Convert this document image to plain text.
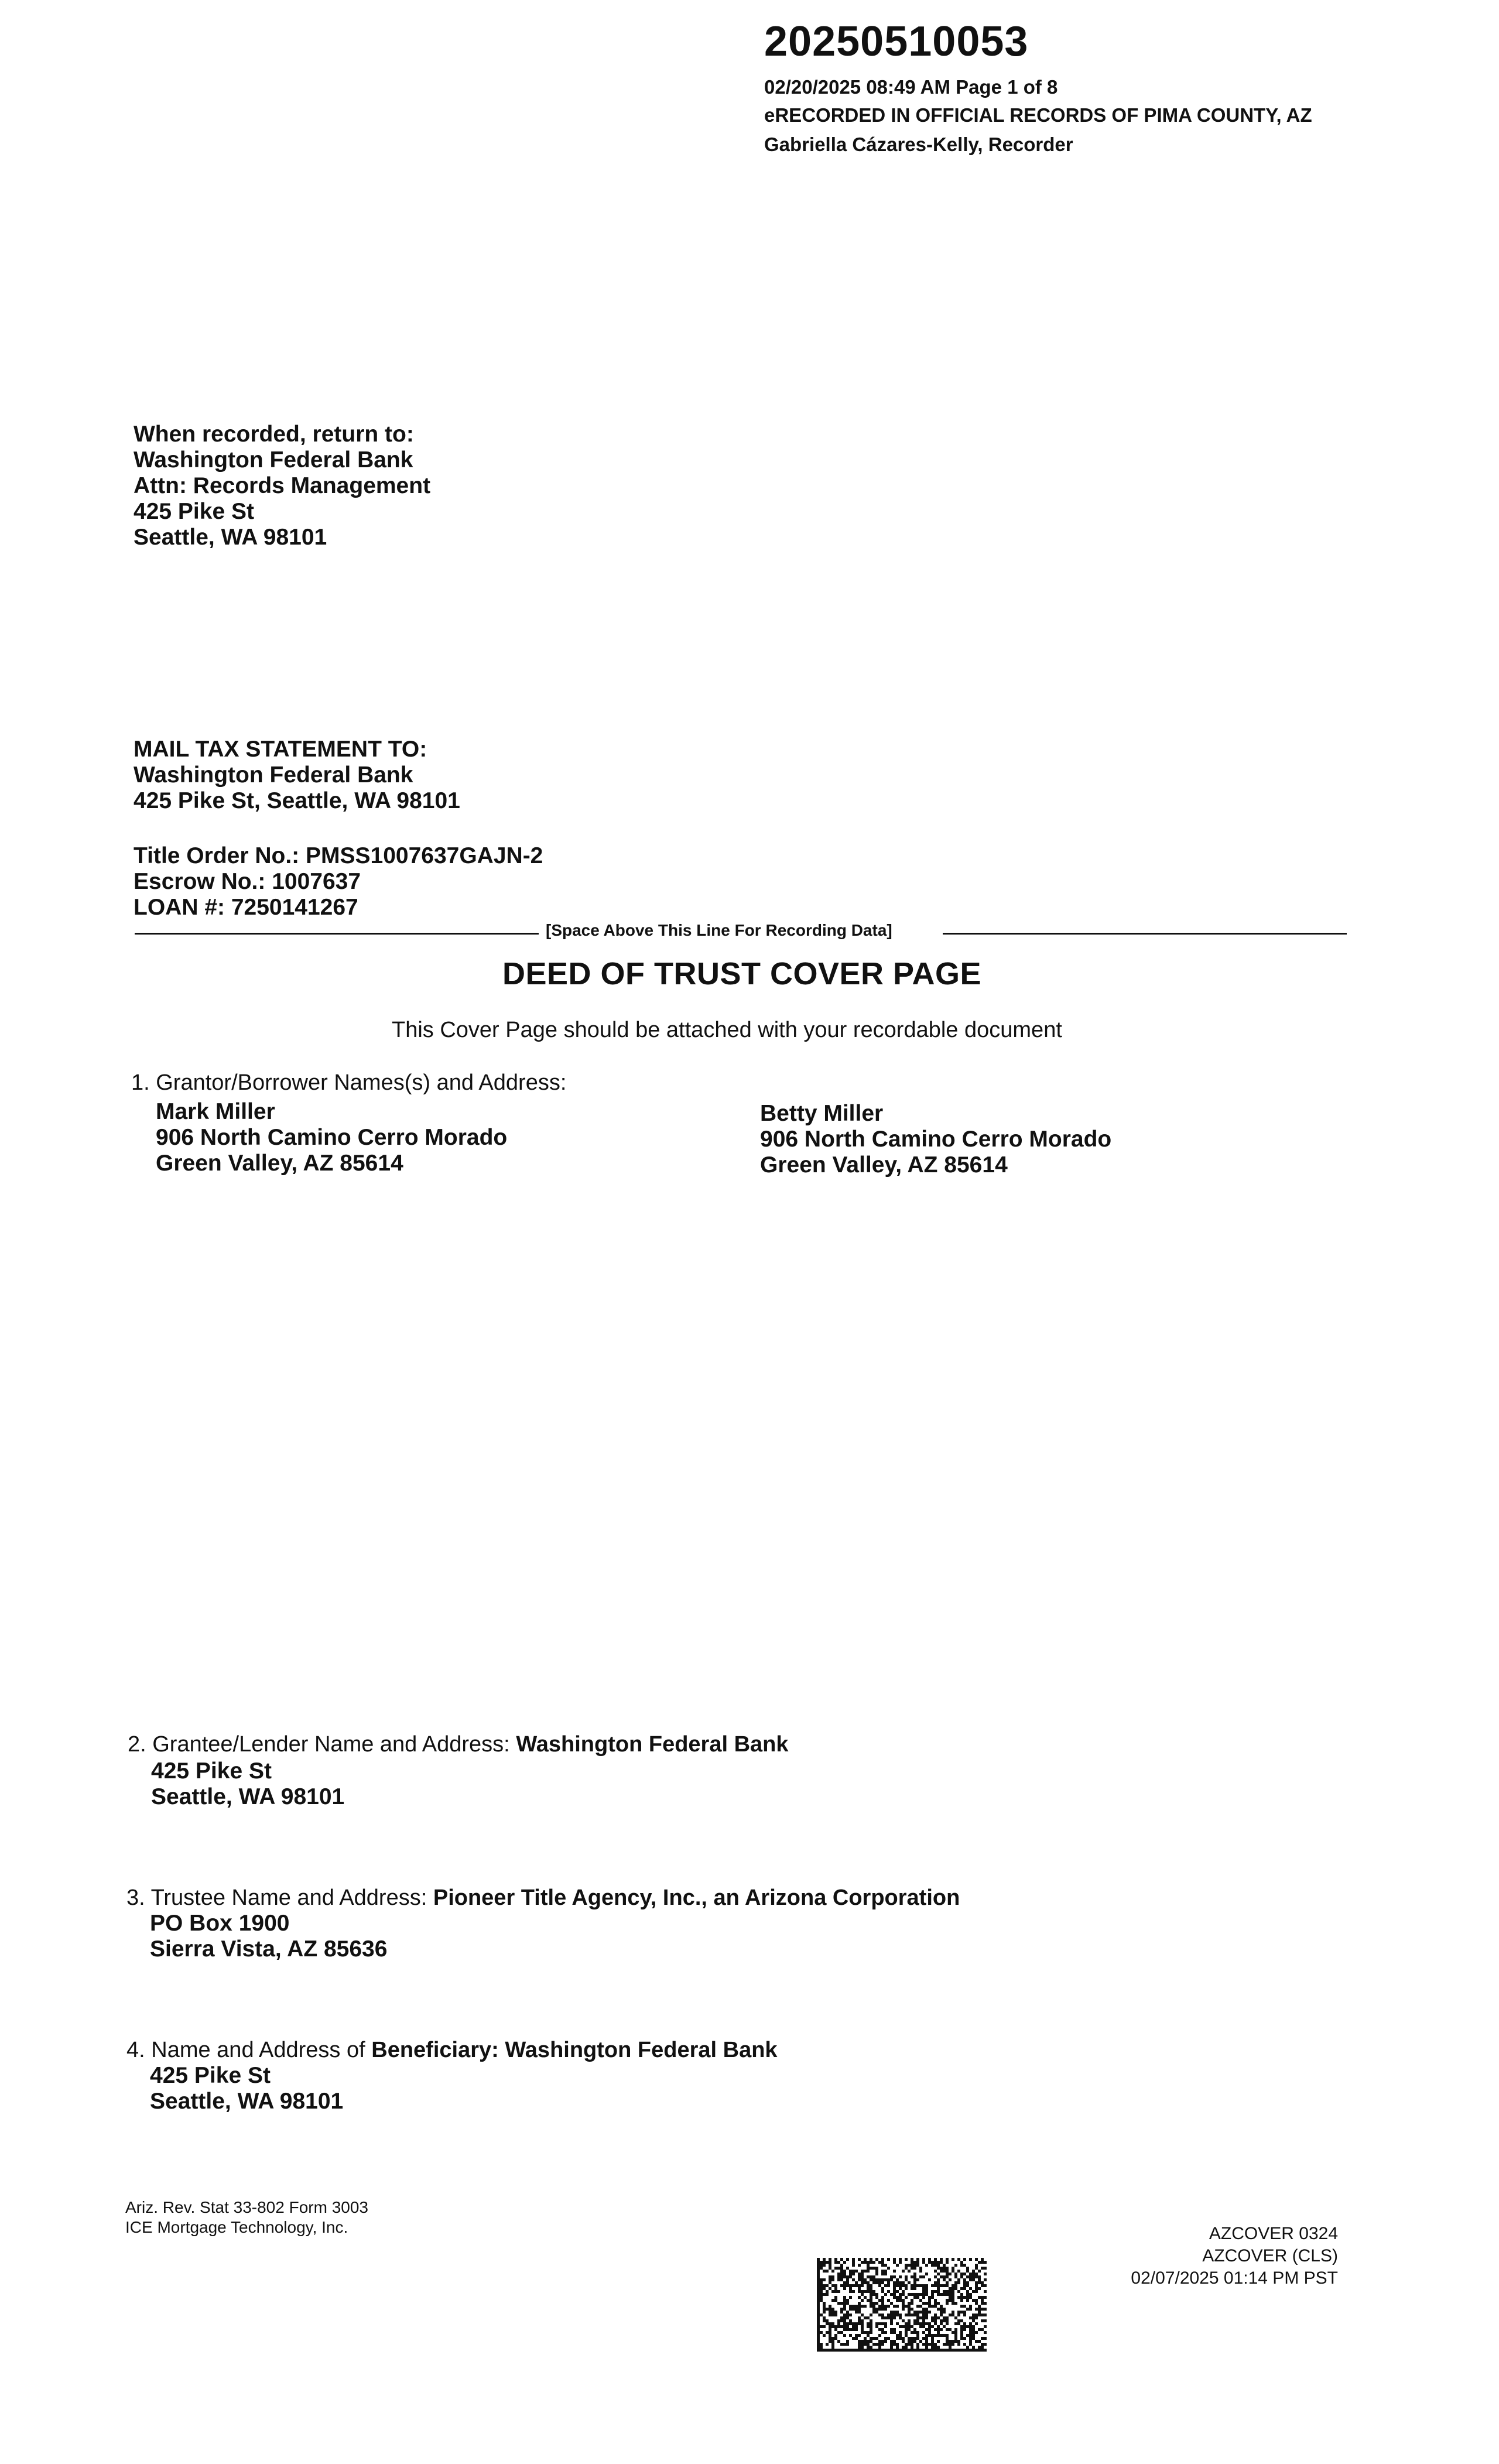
20250510053
02/20/2025 08:49 AM Page 1 of 8
eRECORDED IN OFFICIAL RECORDS OF PIMA COUNTY, AZ
Gabriella Cázares-Kelly, Recorder
When recorded, return to:
Washington Federal Bank
Attn: Records Management
425 Pike St
Seattle, WA 98101
MAIL TAX STATEMENT TO:
Washington Federal Bank
425 Pike St, Seattle, WA 98101
Title Order No.: PMSS1007637GAJN-2
Escrow No.: 1007637
LOAN #: 7250141267
[Space Above This Line For Recording Data]
DEED OF TRUST COVER PAGE
This Cover Page should be attached with your recordable document
1. Grantor/Borrower Names(s) and Address:
Mark Miller
906 North Camino Cerro Morado
Green Valley, AZ 85614
Betty Miller
906 North Camino Cerro Morado
Green Valley, AZ 85614
2. Grantee/Lender Name and Address: Washington Federal Bank
425 Pike St
Seattle, WA 98101
3. Trustee Name and Address: Pioneer Title Agency, Inc., an Arizona Corporation
PO Box 1900
Sierra Vista, AZ 85636
4. Name and Address of Beneficiary: Washington Federal Bank
425 Pike St
Seattle, WA 98101
Ariz. Rev. Stat 33-802 Form 3003
ICE Mortgage Technology, Inc.	AZCOVER 0324
AZCOVER (CLS)
02/07/2025 01:14 PM PST
